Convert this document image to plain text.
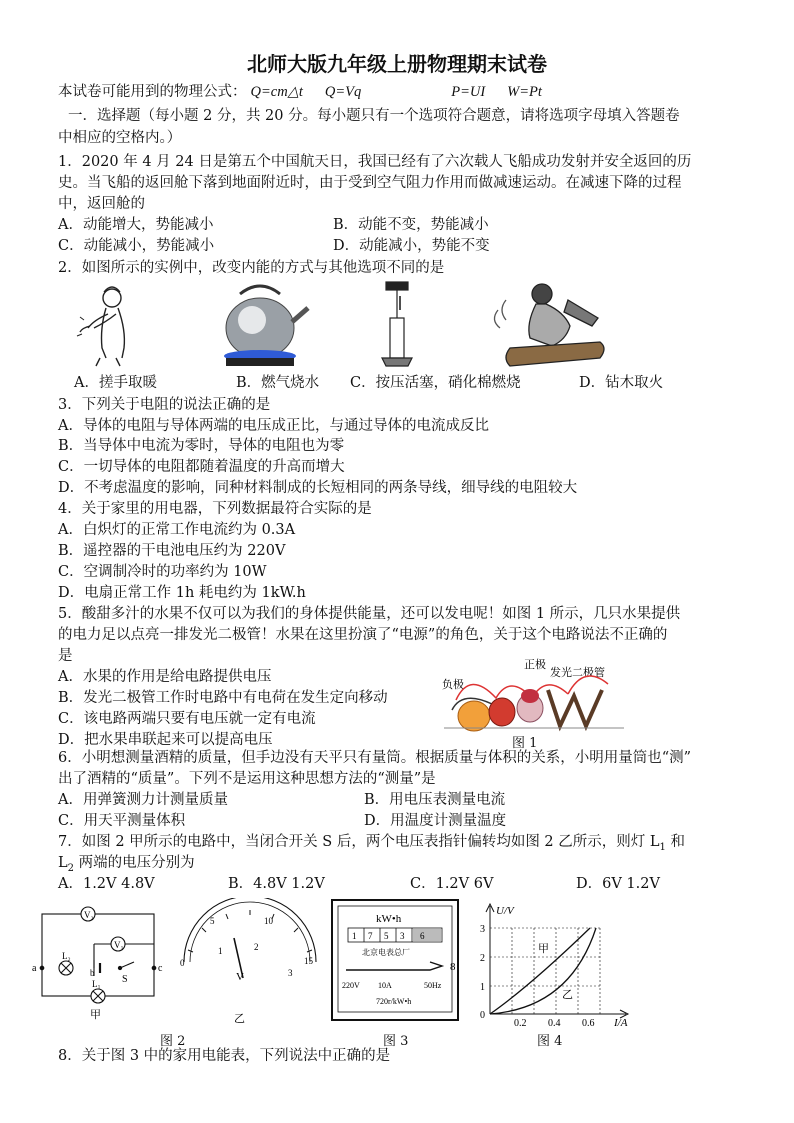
北师大版九年级上册物理期末试卷
本试卷可能用到的物理公式： Q=cm△t Q=Vq	P=UI W=Pt
一．选择题（每小题 2 分，共 20 分。每小题只有一个选项符合题意，请将选项字母填入答题卷
中相应的空格内。）
1．2020 年 4 月 24 日是第五个中国航天日，我国已经有了六次载人飞船成功发射并安全返回的历
史。当飞船的返回舱下落到地面附近时，由于受到空气阻力作用而做减速运动。在减速下降的过程
中，返回舱的
A．动能增大，势能减小	B．动能不变，势能减小
C．动能减小，势能减小	D．动能减小，势能不变
2．如图所示的实例中，改变内能的方式与其他选项不同的是
A．搓手取暖	B．燃气烧水 C．按压活塞，硝化棉燃烧	D．钻木取火
3．下列关于电阻的说法正确的是
A．导体的电阻与导体两端的电压成正比，与通过导体的电流成反比
B．当导体中电流为零时，导体的电阻也为零
C．一切导体的电阻都随着温度的升高而增大
D．不考虑温度的影响，同种材料制成的长短相同的两条导线，细导线的电阻较大
4．关于家里的用电器，下列数据最符合实际的是
A．白炽灯的正常工作电流约为 0.3A
B．遥控器的干电池电压约为 220V
C．空调制冷时的功率约为 10W
D．电扇正常工作 1h 耗电约为 1kW.h
5．酸甜多汁的水果不仅可以为我们的身体提供能量，还可以发电呢！如图 1 所示，几只水果提供
的电力足以点亮一排发光二极管！水果在这里扮演了“电源”的角色，关于这个电路说法不正确的
是
A．水果的作用是给电路提供电压
B．发光二极管工作时电路中有电荷在发生定向移动
C．该电路两端只要有电压就一定有电流
D．把水果串联起来可以提高电压
负极
正极
发光二极管
图 1
6．小明想测量酒精的质量，但手边没有天平只有量筒。根据质量与体积的关系，小明用量筒也“测”
出了酒精的“质量”。下列不是运用这种思想方法的“测量”是
A．用弹簧测力计测量质量	B．用电压表测量电流
C．用天平测量体积	D．用温度计测量温度
7．如图 2 甲所示的电路中，当闭合开关 S 后，两个电压表指针偏转均如图 2 乙所示，则灯 $L_1$ 和
$L_2$ 两端的电压分别为
A．1.2V 4.8V	B．4.8V 1.2V	C．1.2V 6V	D．6V 1.2V
V₂
V₁
L₂
L₁ S
a	b	c
甲
0
5	10
15
1	2
3
V
乙
kW•h
1 7 5 3 6
北京电表总厂
220V 10A	50Hz
720r/kW•h
8
U/V
I/A
0
1
2
3
0.2 0.4 0.6
甲
乙
图 2	图 3	图 4
8．关于图 3 中的家用电能表，下列说法中正确的是
